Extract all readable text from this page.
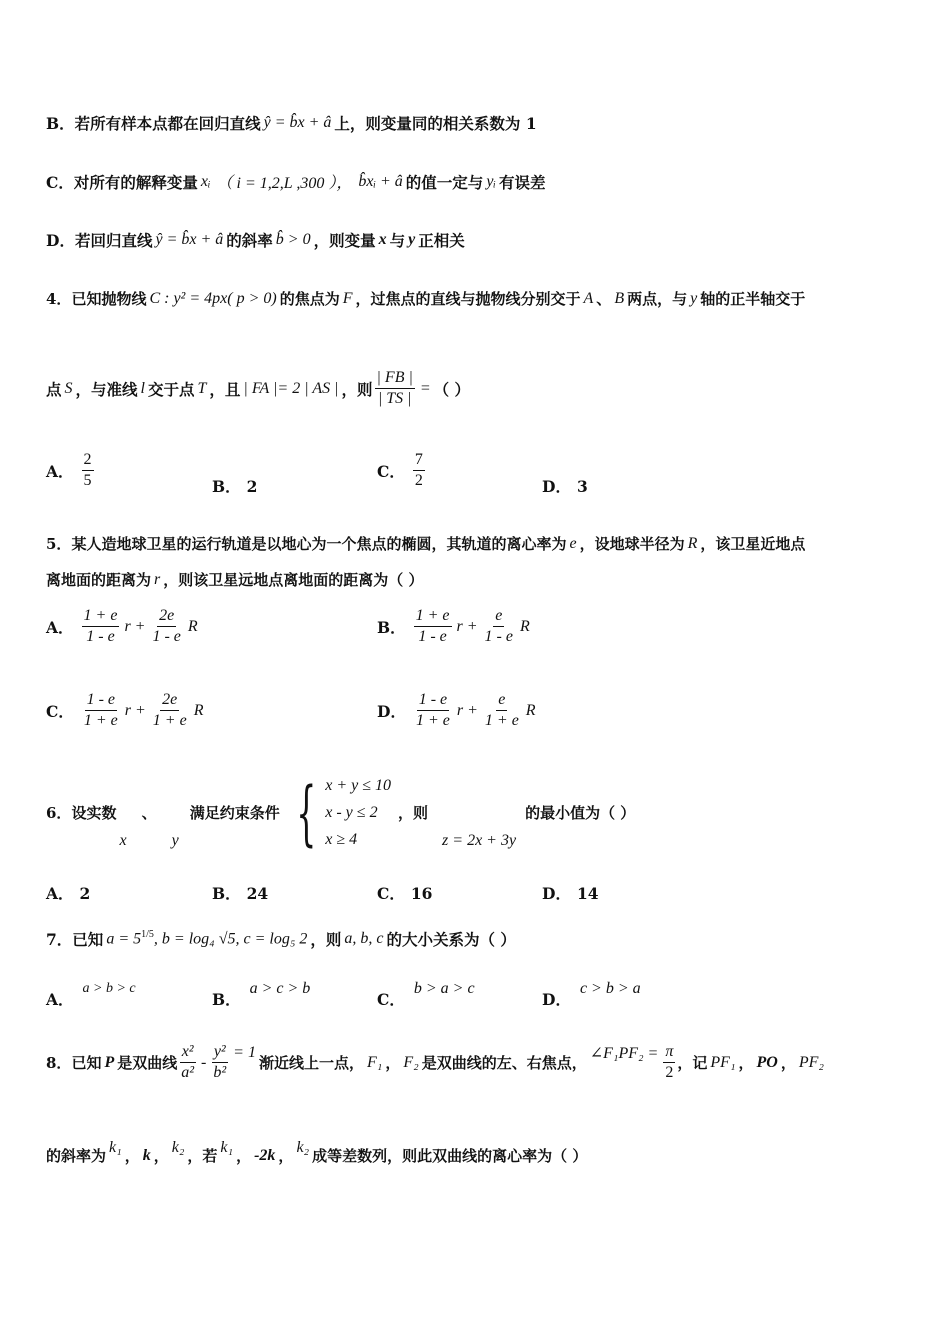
B． 若所有样本点都在回归直线 ŷ = b̂x + â 上，则变量同的相关系数为 1
C． 对所有的解释变量 xᵢ （ i = 1,2,L ,300 ）， b̂xᵢ + â 的值一定与 yᵢ 有误差
D． 若回归直线 ŷ = b̂x + â 的斜率 b̂ > 0 ，则变量 x 与 y 正相关
4． 已知抛物线 C : y² = 4px( p > 0) 的焦点为 F ，过焦点的直线与抛物线分别交于 A 、 B 两点，与 y 轴的正半轴交于
点 S ，与准线 l 交于点 T ，且 | FA |= 2 | AS | ，则 $\frac{| FB |}{| TS |}$ = （ ）
A． $\frac{2}{5}$	B． 2
C． $\frac{7}{2}$	D． 3
5． 某人造地球卫星的运行轨道是以地心为一个焦点的椭圆，其轨道的离心率为 e ，设地球半径为 R ，该卫星近地点
离地面的距离为 r ，则该卫星远地点离地面的距离为（ ）
A． $\frac{1 + e}{1 - e}$ $r + \frac{2e}{1 - e}$ R	B． $\frac{1 + e}{1 - e}$ $r + \frac{e}{1 - e}$ R
C． $\frac{1 - e}{1 + e}$ $r + \frac{2e}{1 + e}$ R	D． $\frac{1 - e}{1 + e}$ $r + \frac{e}{1 + e}$ R
6． 设实数
x
、
y
满足约束条件 { x + y ≤ 10
x - y ≤ 2
x ≥ 4
，则
z = 2x + 3y
的最小值为（ ）
A． 2	B． 24	C． 16	D． 14
7． 已知 $a = 5^{1/5}$, b = log₄ √5, c = log₅ 2 ，则 a, b, c 的大小关系为（ ）
A．
a > b > c
B．
a > c > b
C．
b > a > c
D．
c > b > a
8． 已知 P 是双曲线 $\frac{\text{x²}}{\text{a²}} - \frac{\text{y²}}{\text{b²}} = 1$
渐近线上一点， F₁ ， F₂ 是双曲线的左、右焦点，
∠F₁PF₂ = $\frac{\pi}{2}$ ，记 PF₁ ， PO ， PF₂
的斜率为 k₁ ， k ， k₂ ，若 k₁ ， -2k ， k₂ 成等差数列，则此双曲线的离心率为（ ）
